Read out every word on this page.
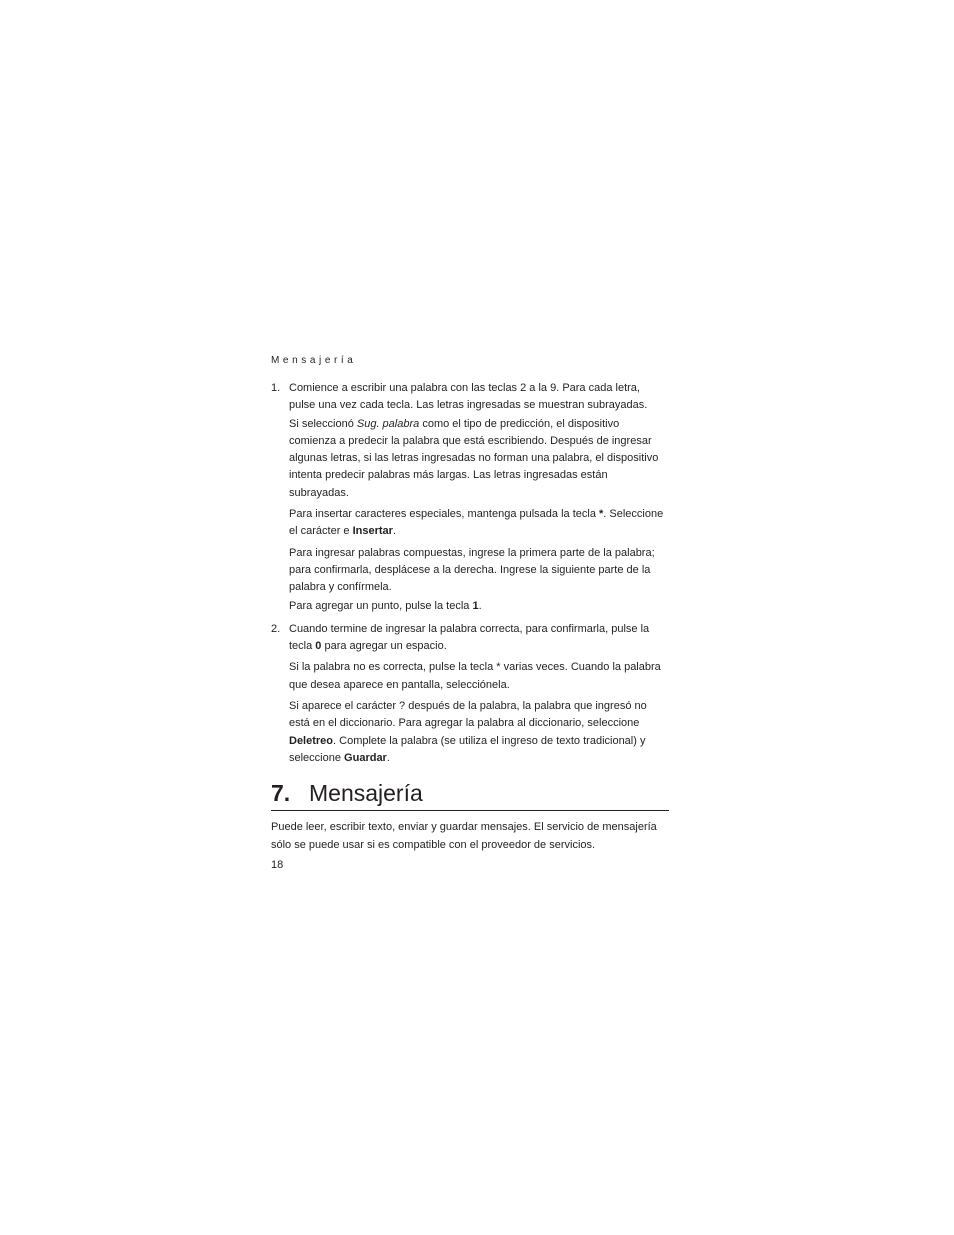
Mensajería

1. Comience a escribir una palabra con las teclas 2 a la 9. Para cada letra, pulse una vez cada tecla. Las letras ingresadas se muestran subrayadas.

Si seleccionó Sug. palabra como el tipo de predicción, el dispositivo comienza a predecir la palabra que está escribiendo. Después de ingresar algunas letras, si las letras ingresadas no forman una palabra, el dispositivo intenta predecir palabras más largas. Las letras ingresadas están subrayadas.

Para insertar caracteres especiales, mantenga pulsada la tecla *. Seleccione el carácter e Insertar.

Para ingresar palabras compuestas, ingrese la primera parte de la palabra; para confirmarla, desplácese a la derecha. Ingrese la siguiente parte de la palabra y confírmela.

Para agregar un punto, pulse la tecla 1.

2. Cuando termine de ingresar la palabra correcta, para confirmarla, pulse la tecla 0 para agregar un espacio.

Si la palabra no es correcta, pulse la tecla * varias veces. Cuando la palabra que desea aparece en pantalla, selecciónela.

Si aparece el carácter ? después de la palabra, la palabra que ingresó no está en el diccionario. Para agregar la palabra al diccionario, seleccione Deletreo. Complete la palabra (se utiliza el ingreso de texto tradicional) y seleccione Guardar.

7. Mensajería

Puede leer, escribir texto, enviar y guardar mensajes. El servicio de mensajería sólo se puede usar si es compatible con el proveedor de servicios.

18
